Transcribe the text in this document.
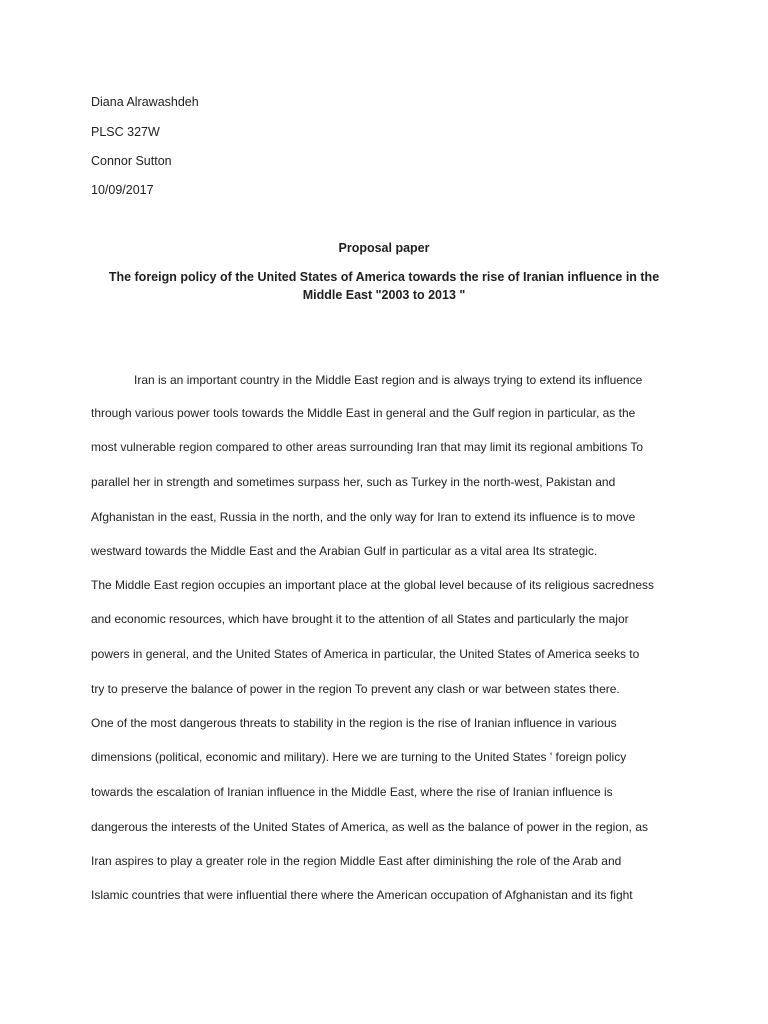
Diana Alrawashdeh
PLSC 327W
Connor Sutton
10/09/2017
Proposal paper
The foreign policy of the United States of America towards the rise of Iranian influence in the
Middle East "2003 to 2013 "
Iran is an important country in the Middle East region and is always trying to extend its influence
through various power tools towards the Middle East in general and the Gulf region in particular, as the
most vulnerable region compared to other areas surrounding Iran that may limit its regional ambitions To
parallel her in strength and sometimes surpass her, such as Turkey in the north-west, Pakistan and
Afghanistan in the east, Russia in the north, and the only way for Iran to extend its influence is to move
westward towards the Middle East and the Arabian Gulf in particular as a vital area Its strategic.
The Middle East region occupies an important place at the global level because of its religious sacredness
and economic resources, which have brought it to the attention of all States and particularly the major
powers in general, and the United States of America in particular, the United States of America seeks to
try to preserve the balance of power in the region To prevent any clash or war between states there.
One of the most dangerous threats to stability in the region is the rise of Iranian influence in various
dimensions (political, economic and military). Here we are turning to the United States ' foreign policy
towards the escalation of Iranian influence in the Middle East, where the rise of Iranian influence is
dangerous the interests of the United States of America, as well as the balance of power in the region, as
Iran aspires to play a greater role in the region Middle East after diminishing the role of the Arab and
Islamic countries that were influential there where the American occupation of Afghanistan and its fight
